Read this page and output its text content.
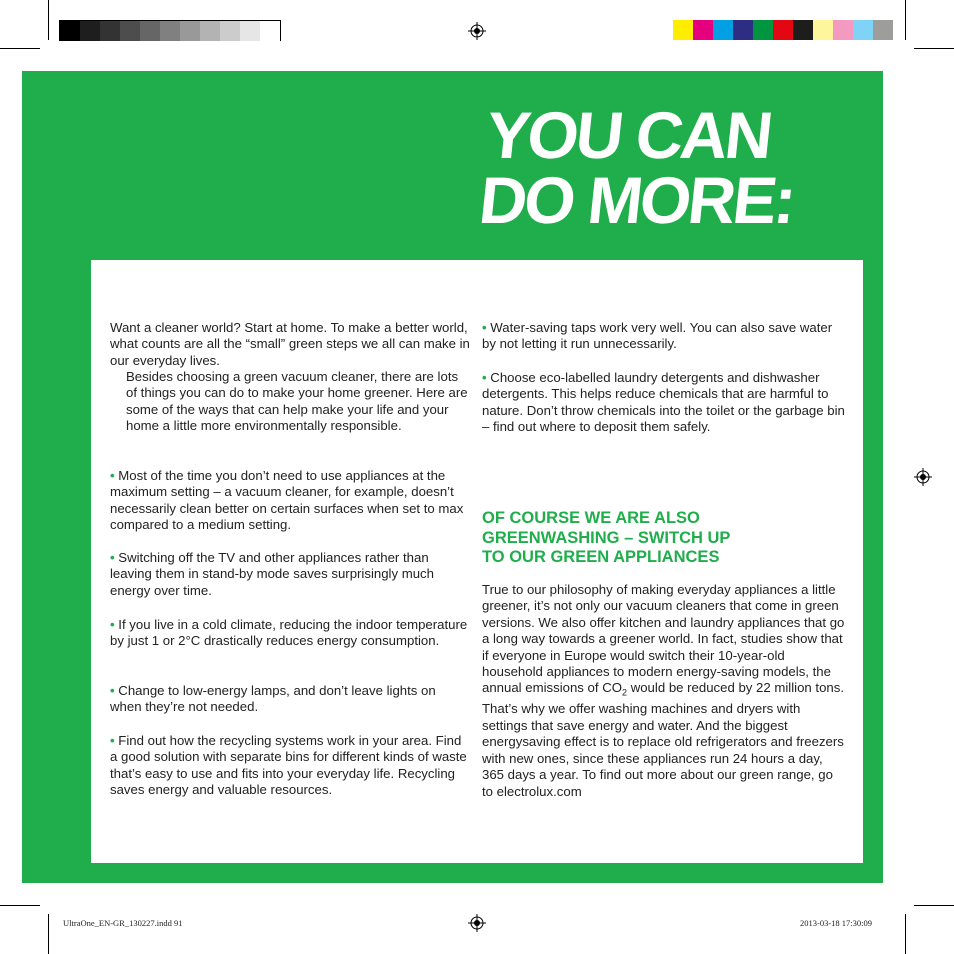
YOU CAN
DO MORE:

Want a cleaner world? Start at home. To make a better world, what counts are all the “small” green steps we all can make in our everyday lives.

Besides choosing a green vacuum cleaner, there are lots of things you can do to make your home greener. Here are some of the ways that can help make your life and your home a little more environmentally responsible.

• Most of the time you don’t need to use appliances at the maximum setting – a vacuum cleaner, for example, doesn’t necessarily clean better on certain surfaces when set to max compared to a medium setting.

• Switching off the TV and other appliances rather than leaving them in stand-by mode saves surprisingly much energy over time.

• If you live in a cold climate, reducing the indoor temperature by just 1 or 2°C drastically reduces energy consumption.

• Change to low-energy lamps, and don’t leave lights on when they’re not needed.

• Find out how the recycling systems work in your area. Find a good solution with separate bins for different kinds of waste that’s easy to use and fits into your everyday life. Recycling saves energy and valuable resources.

• Water-saving taps work very well. You can also save water by not letting it run unnecessarily.

• Choose eco-labelled laundry detergents and dishwasher detergents. This helps reduce chemicals that are harmful to nature. Don’t throw chemicals into the toilet or the garbage bin – find out where to deposit them safely.

OF COURSE WE ARE ALSO
GREENWASHING – SWITCH UP
TO OUR GREEN APPLIANCES

True to our philosophy of making everyday appliances a little greener, it’s not only our vacuum cleaners that come in green versions. We also offer kitchen and laundry appliances that go a long way towards a greener world. In fact, studies show that if everyone in Europe would switch their 10-year-old household appliances to modern energy-saving models, the annual emissions of $CO_2$ would be reduced by 22 million tons. That’s why we offer washing machines and dryers with settings that save energy and water. And the biggest energysaving effect is to replace old refrigerators and freezers with new ones, since these appliances run 24 hours a day, 365 days a year. To find out more about our green range, go to electrolux.com

UltraOne_EN-GR_130227.indd 91	2013-03-18 17:30:09
